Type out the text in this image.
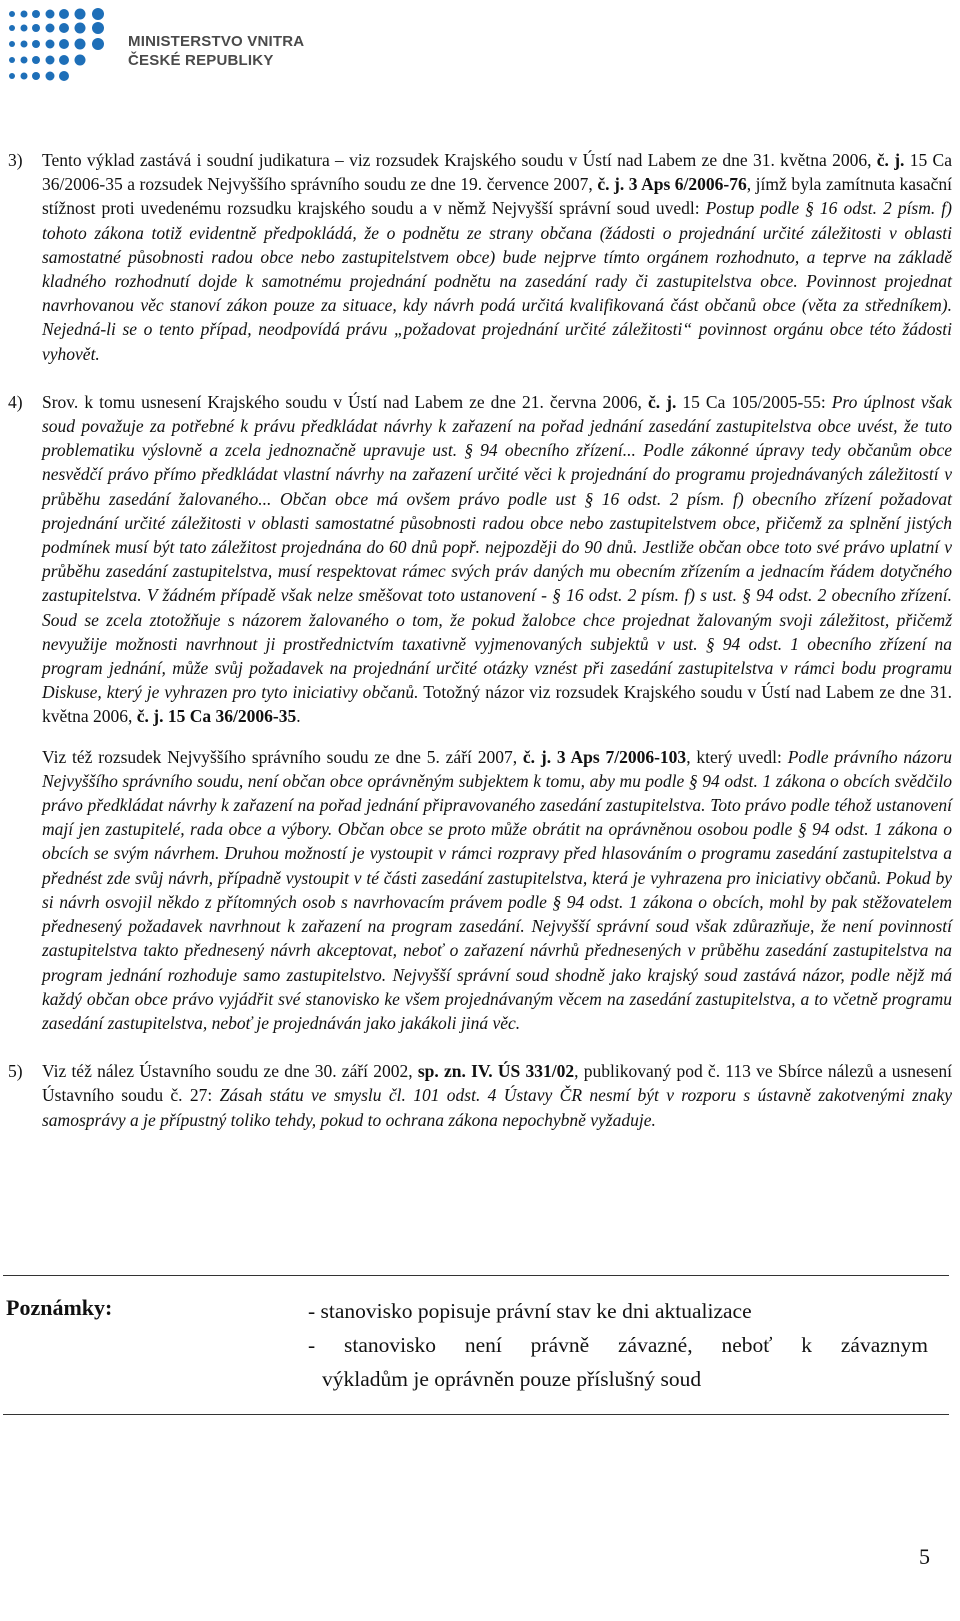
MINISTERSTVO VNITRA
ČESKÉ REPUBLIKY
3) Tento výklad zastává i soudní judikatura – viz rozsudek Krajského soudu v Ústí nad Labem ze dne 31. května 2006, č. j. 15 Ca 36/2006-35 a rozsudek Nejvyššího správního soudu ze dne 19. července 2007, č. j. 3 Aps 6/2006-76, jímž byla zamítnuta kasační stížnost proti uvedenému rozsudku krajského soudu a v němž Nejvyšší správní soud uvedl: Postup podle § 16 odst. 2 písm. f) tohoto zákona totiž evidentně předpokládá, že o podnětu ze strany občana (žádosti o projednání určité záležitosti v oblasti samostatné působnosti radou obce nebo zastupitelstvem obce) bude nejprve tímto orgánem rozhodnuto, a teprve na základě kladného rozhodnutí dojde k samotnému projednání podnětu na zasedání rady či zastupitelstva obce. Povinnost projednat navrhovanou věc stanoví zákon pouze za situace, kdy návrh podá určitá kvalifikovaná část občanů obce (věta za středníkem). Nejedná-li se o tento případ, neodpovídá právu „požadovat projednání určité záležitosti“ povinnost orgánu obce této žádosti vyhovět.

4) Srov. k tomu usnesení Krajského soudu v Ústí nad Labem ze dne 21. června 2006, č. j. 15 Ca 105/2005-55: Pro úplnost však soud považuje za potřebné k právu předkládat návrhy k zařazení na pořad jednání zasedání zastupitelstva obce uvést, že tuto problematiku výslovně a zcela jednoznačně upravuje ust. § 94 obecního zřízení... Podle zákonné úpravy tedy občanům obce nesvědčí právo přímo předkládat vlastní návrhy na zařazení určité věci k projednání do programu projednávaných záležitostí v průběhu zasedání žalovaného... Občan obce má ovšem právo podle ust § 16 odst. 2 písm. f) obecního zřízení požadovat projednání určité záležitosti v oblasti samostatné působnosti radou obce nebo zastupitelstvem obce, přičemž za splnění jistých podmínek musí být tato záležitost projednána do 60 dnů popř. nejpozději do 90 dnů. Jestliže občan obce toto své právo uplatní v průběhu zasedání zastupitelstva, musí respektovat rámec svých práv daných mu obecním zřízením a jednacím řádem dotyčného zastupitelstva. V žádném případě však nelze směšovat toto ustanovení - § 16 odst. 2 písm. f) s ust. § 94 odst. 2 obecního zřízení. Soud se zcela ztotožňuje s názorem žalovaného o tom, že pokud žalobce chce projednat žalovaným svoji záležitost, přičemž nevyužije možnosti navrhnout ji prostřednictvím taxativně vyjmenovaných subjektů v ust. § 94 odst. 1 obecního zřízení na program jednání, může svůj požadavek na projednání určité otázky vznést při zasedání zastupitelstva v rámci bodu programu Diskuse, který je vyhrazen pro tyto iniciativy občanů. Totožný názor viz rozsudek Krajského soudu v Ústí nad Labem ze dne 31. května 2006, č. j. 15 Ca 36/2006-35.

Viz též rozsudek Nejvyššího správního soudu ze dne 5. září 2007, č. j. 3 Aps 7/2006-103, který uvedl: Podle právního názoru Nejvyššího správního soudu, není občan obce oprávněným subjektem k tomu, aby mu podle § 94 odst. 1 zákona o obcích svědčilo právo předkládat návrhy k zařazení na pořad jednání připravovaného zasedání zastupitelstva. Toto právo podle téhož ustanovení mají jen zastupitelé, rada obce a výbory. Občan obce se proto může obrátit na oprávněnou osobou podle § 94 odst. 1 zákona o obcích se svým návrhem. Druhou možností je vystoupit v rámci rozpravy před hlasováním o programu zasedání zastupitelstva a přednést zde svůj návrh, případně vystoupit v té části zasedání zastupitelstva, která je vyhrazena pro iniciativy občanů. Pokud by si návrh osvojil někdo z přítomných osob s navrhovacím právem podle § 94 odst. 1 zákona o obcích, mohl by pak stěžovatelem přednesený požadavek navrhnout k zařazení na program zasedání. Nejvyšší správní soud však zdůrazňuje, že není povinností zastupitelstva takto přednesený návrh akceptovat, neboť o zařazení návrhů přednesených v průběhu zasedání zastupitelstva na program jednání rozhoduje samo zastupitelstvo. Nejvyšší správní soud shodně jako krajský soud zastává názor, podle nějž má každý občan obce právo vyjádřit své stanovisko ke všem projednávaným věcem na zasedání zastupitelstva, a to včetně programu zasedání zastupitelstva, neboť je projednáván jako jakákoli jiná věc.

5) Viz též nález Ústavního soudu ze dne 30. září 2002, sp. zn. IV. ÚS 331/02, publikovaný pod č. 113 ve Sbírce nálezů a usnesení Ústavního soudu č. 27: Zásah státu ve smyslu čl. 101 odst. 4 Ústavy ČR nesmí být v rozporu s ústavně zakotvenými znaky samosprávy a je přípustný toliko tehdy, pokud to ochrana zákona nepochybně vyžaduje.

Poznámky:	- stanovisko popisuje právní stav ke dni aktualizace
- stanovisko není právně závazné, neboť k závaznym
výkladům je oprávněn pouze příslušný soud
5
